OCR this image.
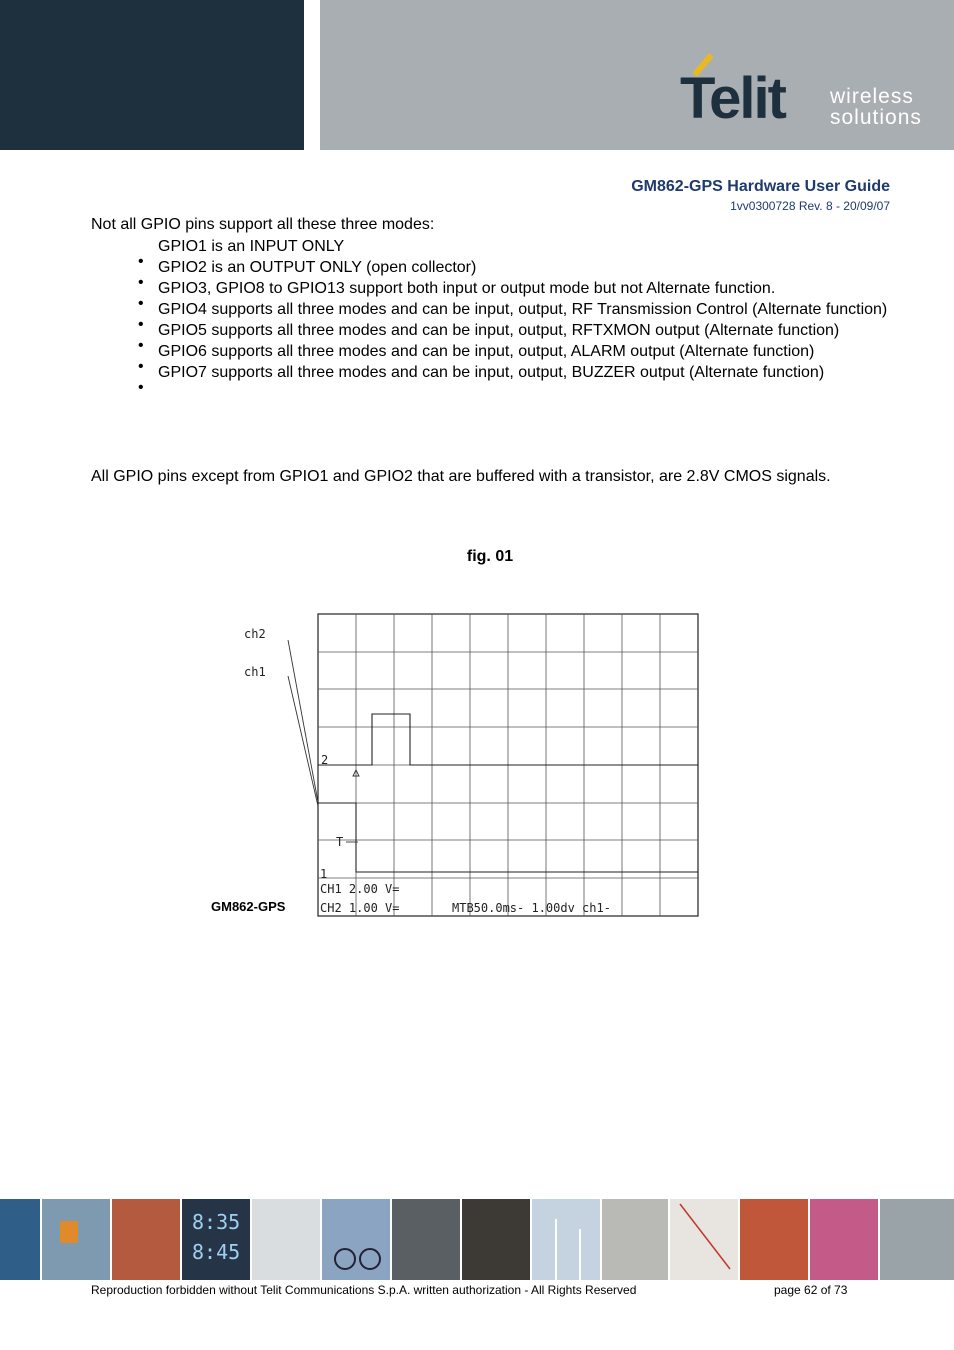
Telit wireless
solutions
GM862-GPS Hardware User Guide
1vv0300728 Rev. 8 - 20/09/07
Not all GPIO pins support all these three modes:
GPIO1 is an INPUT ONLY
GPIO2 is an OUTPUT ONLY (open collector)
GPIO3, GPIO8 to GPIO13 support both input or output mode but not Alternate function.
GPIO4 supports all three modes and can be input, output, RF Transmission Control (Alternate function)
GPIO5 supports all three modes and can be input, output, RFTXMON output (Alternate function)
GPIO6 supports all three modes and can be input, output, ALARM output (Alternate function)
GPIO7 supports all three modes and can be input, output, BUZZER output (Alternate function)
All GPIO pins except from GPIO1 and GPIO2 that are buffered with a transistor, are 2.8V CMOS signals.
fig. 01
ch2
ch1
2
T
1
CH1 2.00 V=
CH2 1.00 V=	MTB50.0ms- 1.00dv ch1-
GM862-GPS
8:35
8:45
Reproduction forbidden without Telit Communications S.p.A. written authorization - All Rights Reserved	page 62 of 73
